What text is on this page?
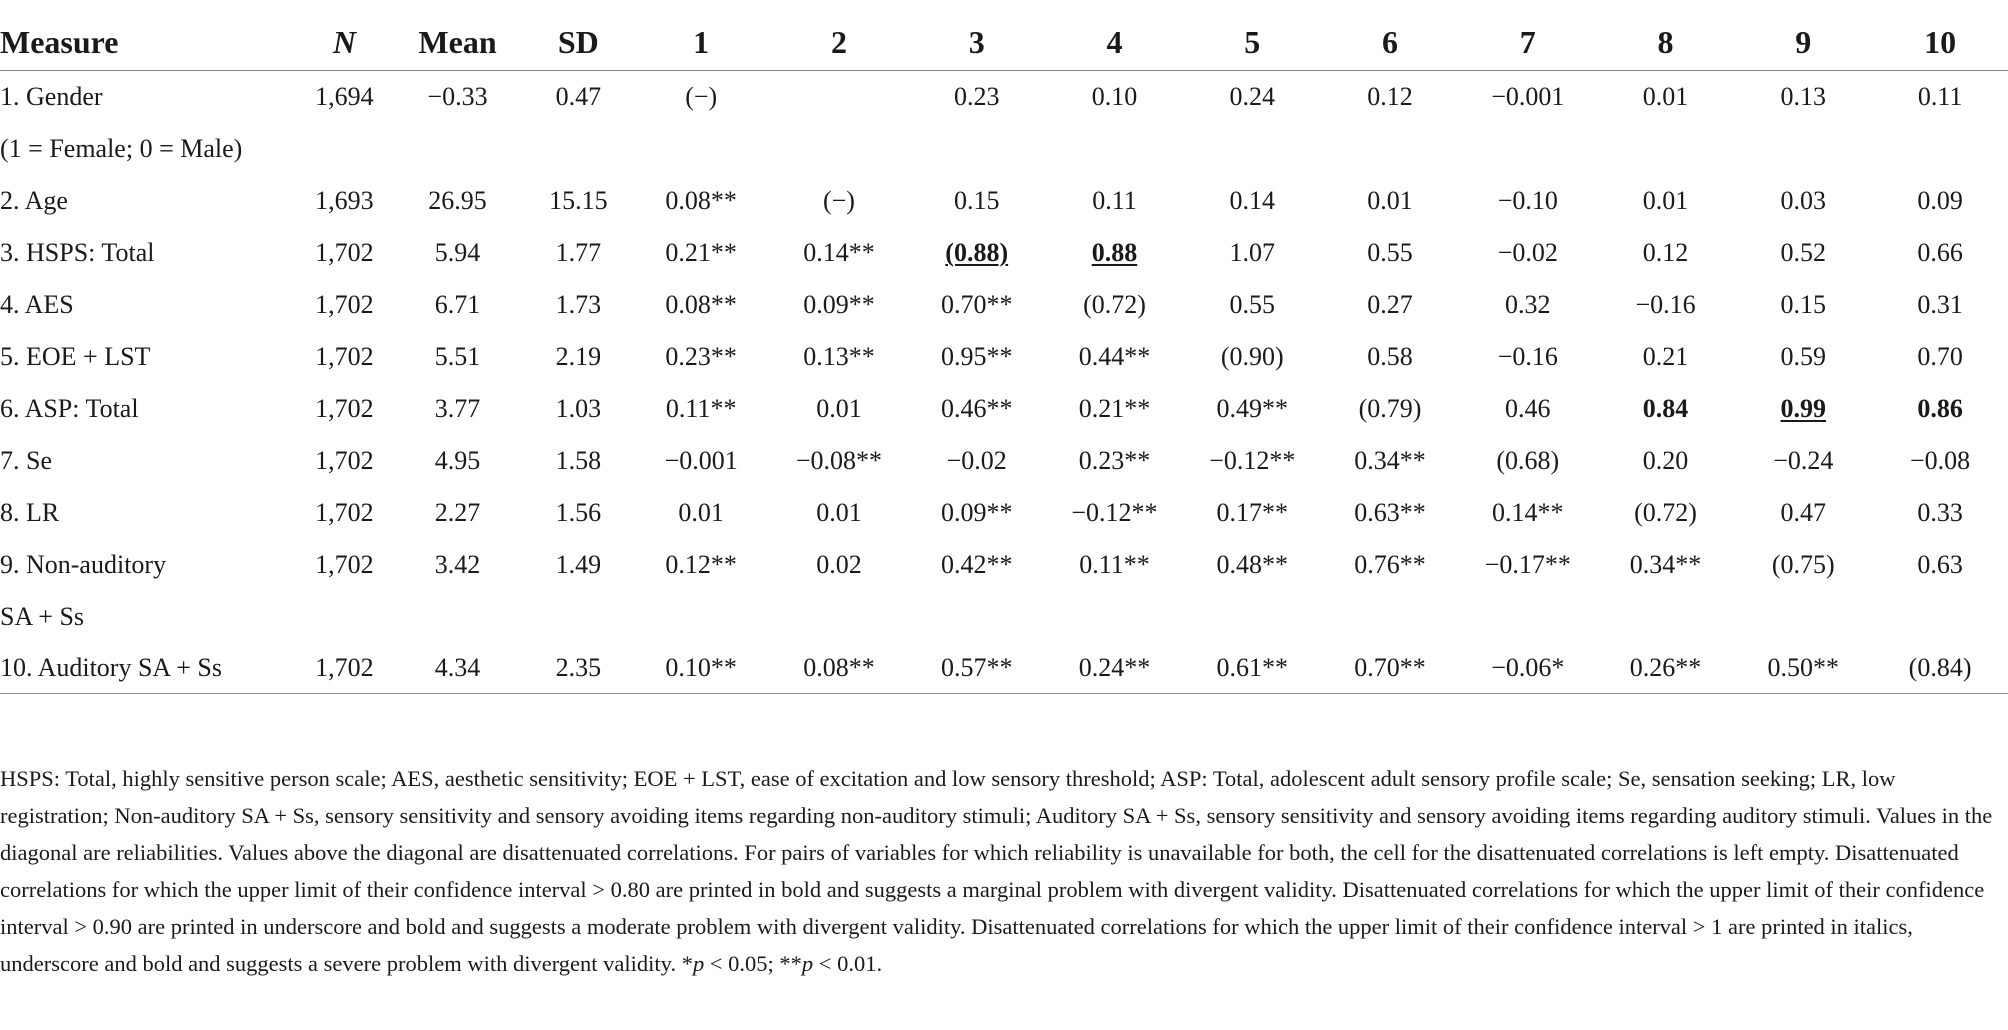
Measure	N	Mean	SD	1	2	3	4	5	6	7	8	9	10
1. Gender	1,694	−0.33	0.47	(−)		0.23	0.10	0.24	0.12	−0.001	0.01	0.13	0.11
(1 = Female; 0 = Male)													
2. Age	1,693	26.95	15.15	0.08**	(−)	0.15	0.11	0.14	0.01	−0.10	0.01	0.03	0.09
3. HSPS: Total	1,702	5.94	1.77	0.21**	0.14**	(0.88)	0.88	1.07	0.55	−0.02	0.12	0.52	0.66
4. AES	1,702	6.71	1.73	0.08**	0.09**	0.70**	(0.72)	0.55	0.27	0.32	−0.16	0.15	0.31
5. EOE + LST	1,702	5.51	2.19	0.23**	0.13**	0.95**	0.44**	(0.90)	0.58	−0.16	0.21	0.59	0.70
6. ASP: Total	1,702	3.77	1.03	0.11**	0.01	0.46**	0.21**	0.49**	(0.79)	0.46	0.84	0.99	0.86
7. Se	1,702	4.95	1.58	−0.001	−0.08**	−0.02	0.23**	−0.12**	0.34**	(0.68)	0.20	−0.24	−0.08
8. LR	1,702	2.27	1.56	0.01	0.01	0.09**	−0.12**	0.17**	0.63**	0.14**	(0.72)	0.47	0.33
9. Non-auditory	1,702	3.42	1.49	0.12**	0.02	0.42**	0.11**	0.48**	0.76**	−0.17**	0.34**	(0.75)	0.63
SA + Ss													
10. Auditory SA + Ss	1,702	4.34	2.35	0.10**	0.08**	0.57**	0.24**	0.61**	0.70**	−0.06*	0.26**	0.50**	(0.84)

HSPS: Total, highly sensitive person scale; AES, aesthetic sensitivity; EOE + LST, ease of excitation and low sensory threshold; ASP: Total, adolescent adult sensory profile scale; Se, sensation seeking; LR, low registration; Non-auditory SA + Ss, sensory sensitivity and sensory avoiding items regarding non-auditory stimuli; Auditory SA + Ss, sensory sensitivity and sensory avoiding items regarding auditory stimuli. Values in the diagonal are reliabilities. Values above the diagonal are disattenuated correlations. For pairs of variables for which reliability is unavailable for both, the cell for the disattenuated correlations is left empty. Disattenuated correlations for which the upper limit of their confidence interval > 0.80 are printed in bold and suggests a marginal problem with divergent validity. Disattenuated correlations for which the upper limit of their confidence interval > 0.90 are printed in underscore and bold and suggests a moderate problem with divergent validity. Disattenuated correlations for which the upper limit of their confidence interval > 1 are printed in italics, underscore and bold and suggests a severe problem with divergent validity. *p < 0.05; **p < 0.01.
